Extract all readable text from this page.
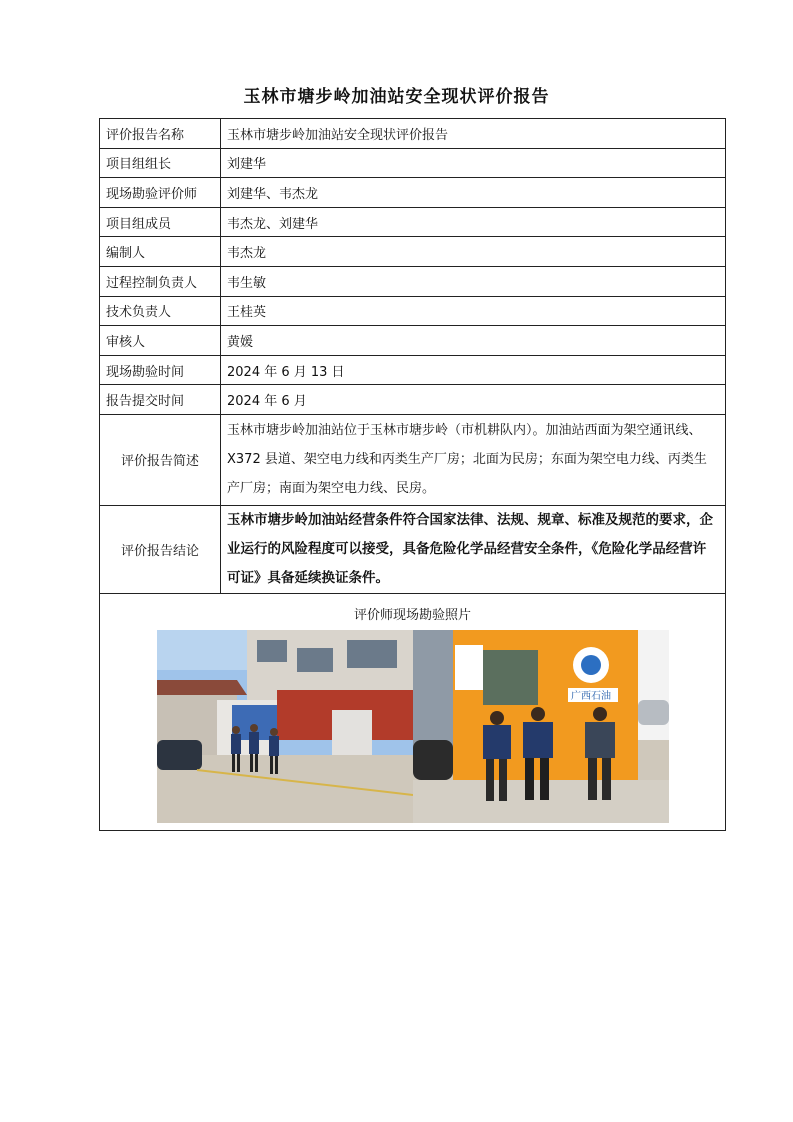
玉林市塘步岭加油站安全现状评价报告
评价报告名称	玉林市塘步岭加油站安全现状评价报告
项目组组长	刘建华
现场勘验评价师	刘建华、韦杰龙
项目组成员	韦杰龙、刘建华
编制人	韦杰龙
过程控制负责人	韦生敏
技术负责人	王桂英
审核人	黄媛
现场勘验时间	2024 年 6 月 13 日
报告提交时间	2024 年 6 月
评价报告简述	玉林市塘步岭加油站位于玉林市塘步岭（市机耕队内）。加油站西面为架空通讯线、X372 县道、架空电力线和丙类生产厂房；北面为民房；东面为架空电力线、丙类生产厂房；南面为架空电力线、民房。
评价报告结论	玉林市塘步岭加油站经营条件符合国家法律、法规、规章、标准及规范的要求，企业运行的风险程度可以接受，具备危险化学品经营安全条件，《危险化学品经营许可证》具备延续换证条件。

评价师现场勘验照片
广西石油	
